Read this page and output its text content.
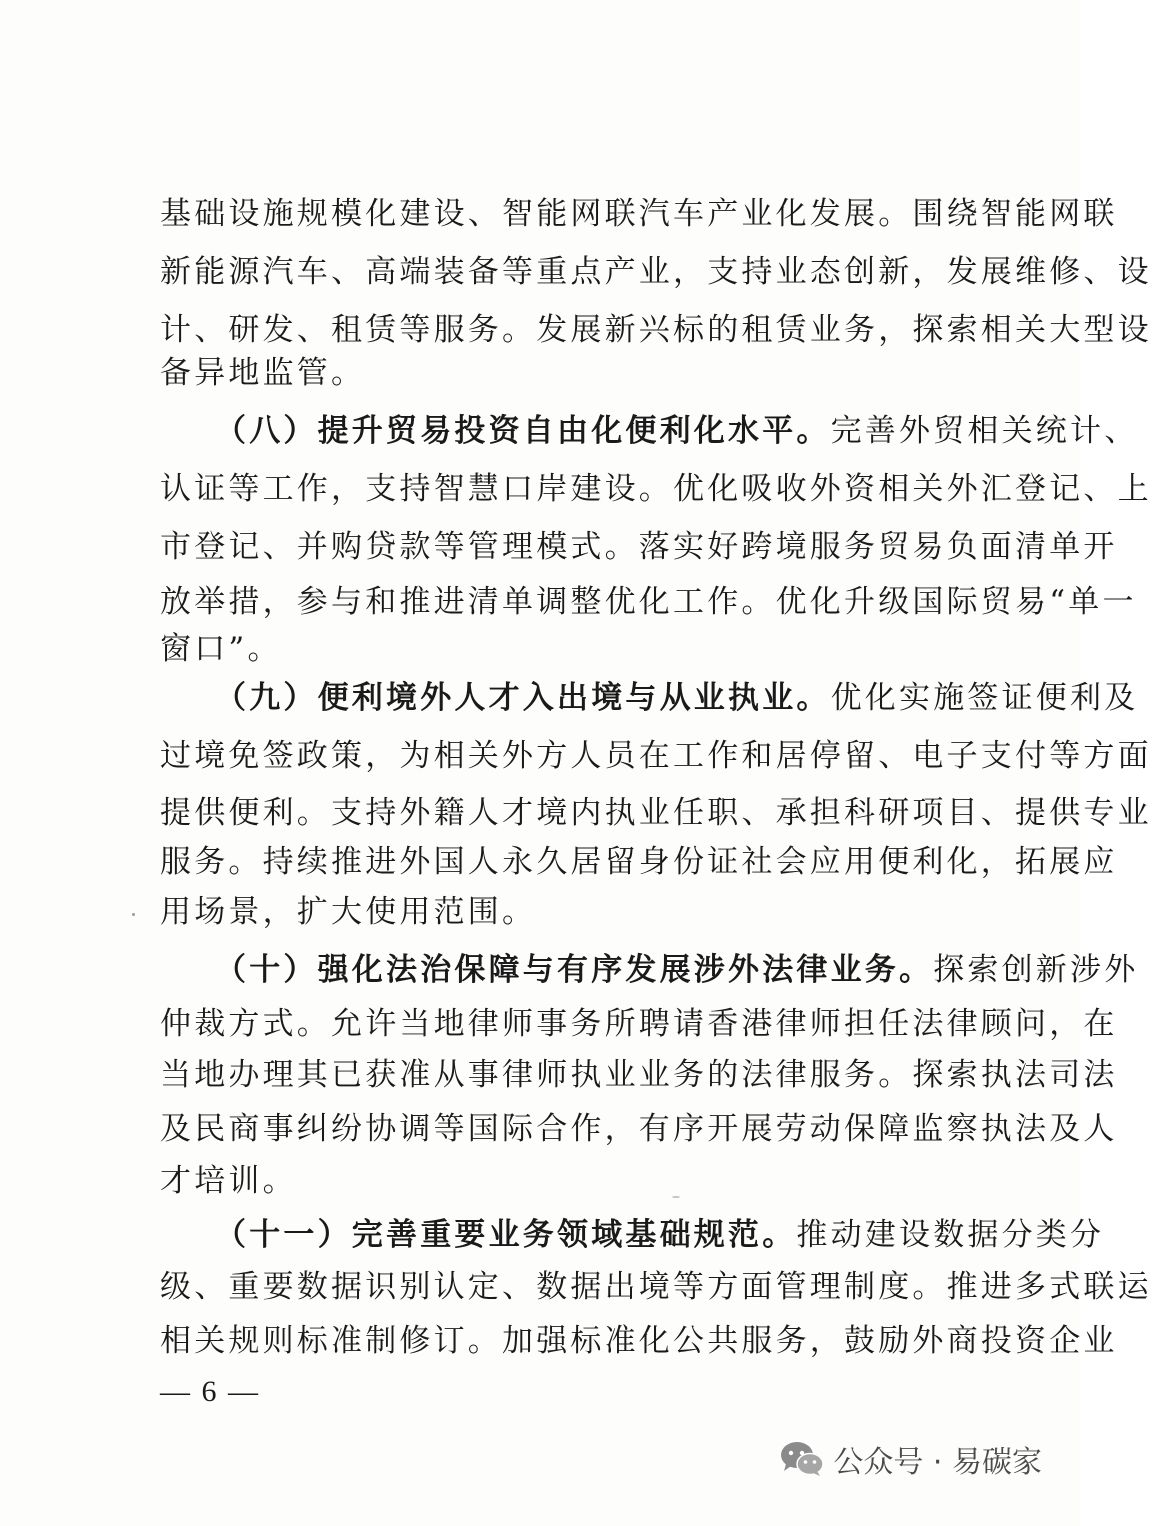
基础设施规模化建设、智能网联汽车产业化发展。围绕智能网联
新能源汽车、高端装备等重点产业，支持业态创新，发展维修、设
计、研发、租赁等服务。发展新兴标的租赁业务，探索相关大型设
备异地监管。
（八）提升贸易投资自由化便利化水平。完善外贸相关统计、
认证等工作，支持智慧口岸建设。优化吸收外资相关外汇登记、上
市登记、并购贷款等管理模式。落实好跨境服务贸易负面清单开
放举措，参与和推进清单调整优化工作。优化升级国际贸易“单一
窗口”。
（九）便利境外人才入出境与从业执业。优化实施签证便利及
过境免签政策，为相关外方人员在工作和居停留、电子支付等方面
提供便利。支持外籍人才境内执业任职、承担科研项目、提供专业
服务。持续推进外国人永久居留身份证社会应用便利化，拓展应
用场景，扩大使用范围。
（十）强化法治保障与有序发展涉外法律业务。探索创新涉外
仲裁方式。允许当地律师事务所聘请香港律师担任法律顾问，在
当地办理其已获准从事律师执业业务的法律服务。探索执法司法
及民商事纠纷协调等国际合作，有序开展劳动保障监察执法及人
才培训。
（十一）完善重要业务领域基础规范。推动建设数据分类分
级、重要数据识别认定、数据出境等方面管理制度。推进多式联运
相关规则标准制修订。加强标准化公共服务，鼓励外商投资企业
— 6 —
公众号 · 易碳家
